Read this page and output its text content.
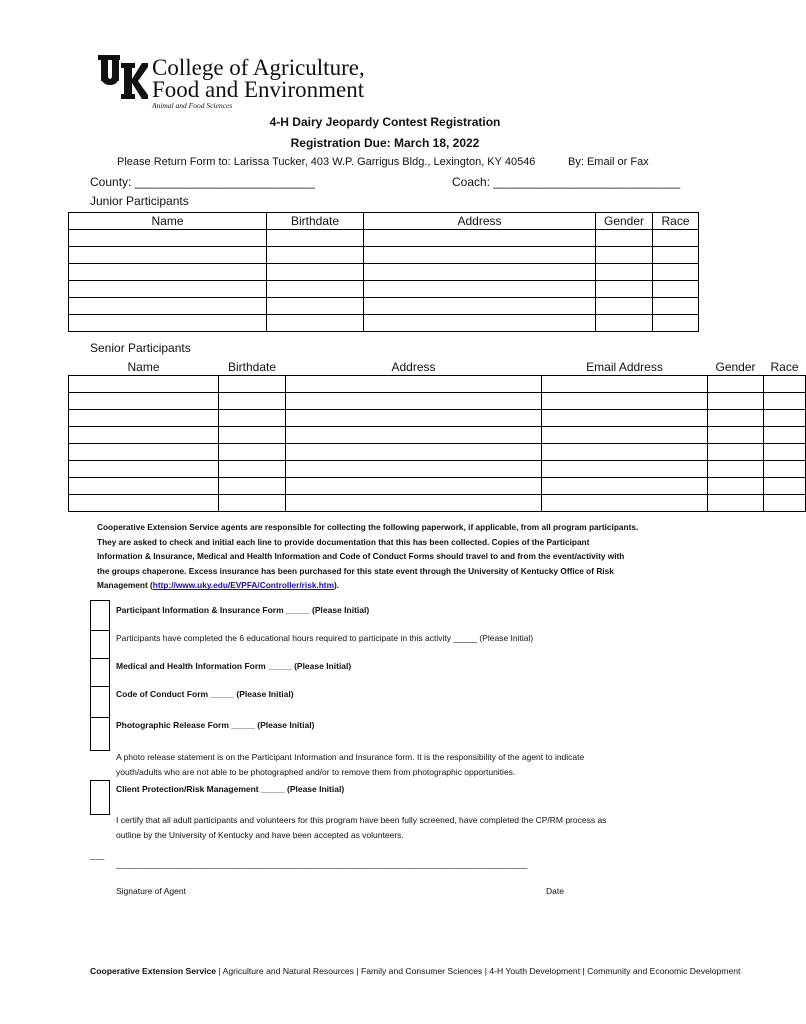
College of Agriculture,
Food and Environment
Animal and Food Sciences
4-H Dairy Jeopardy Contest Registration
Registration Due: March 18, 2022
Please Return Form to: Larissa Tucker, 403 W.P. Garrigus Bldg., Lexington, KY 40546	By: Email or Fax
County: ___________________________	Coach: ____________________________
Junior Participants
Name	Birthdate	Address	Gender	Race

Senior Participants
Name	Birthdate	Address	Email Address	Gender	Race

Cooperative Extension Service agents are responsible for collecting the following paperwork, if applicable, from all program participants.
They are asked to check and initial each line to provide documentation that this has been collected. Copies of the Participant
Information & Insurance, Medical and Health Information and Code of Conduct Forms should travel to and from the event/activity with
the groups chaperone. Excess insurance has been purchased for this state event through the University of Kentucky Office of Risk
Management (http://www.uky.edu/EVPFA/Controller/risk.htm).
Participant Information & Insurance Form _____ (Please Initial)
Participants have completed the 6 educational hours required to participate in this activity _____ (Please Initial)
Medical and Health Information Form _____ (Please Initial)
Code of Conduct Form _____ (Please Initial)
Photographic Release Form _____ (Please Initial)
A photo release statement is on the Participant Information and Insurance form. It is the responsibility of the agent to indicate
youth/adults who are not able to be photographed and/or to remove them from photographic opportunities.
Client Protection/Risk Management _____ (Please Initial)
I certify that all adult participants and volunteers for this program have been fully screened, have completed the CP/RM process as
outline by the University of Kentucky and have been accepted as volunteers.
___
_______________________________________________________________________________________
Signature of Agent	Date
Cooperative Extension Service | Agriculture and Natural Resources | Family and Consumer Sciences | 4-H Youth Development | Community and Economic Development
